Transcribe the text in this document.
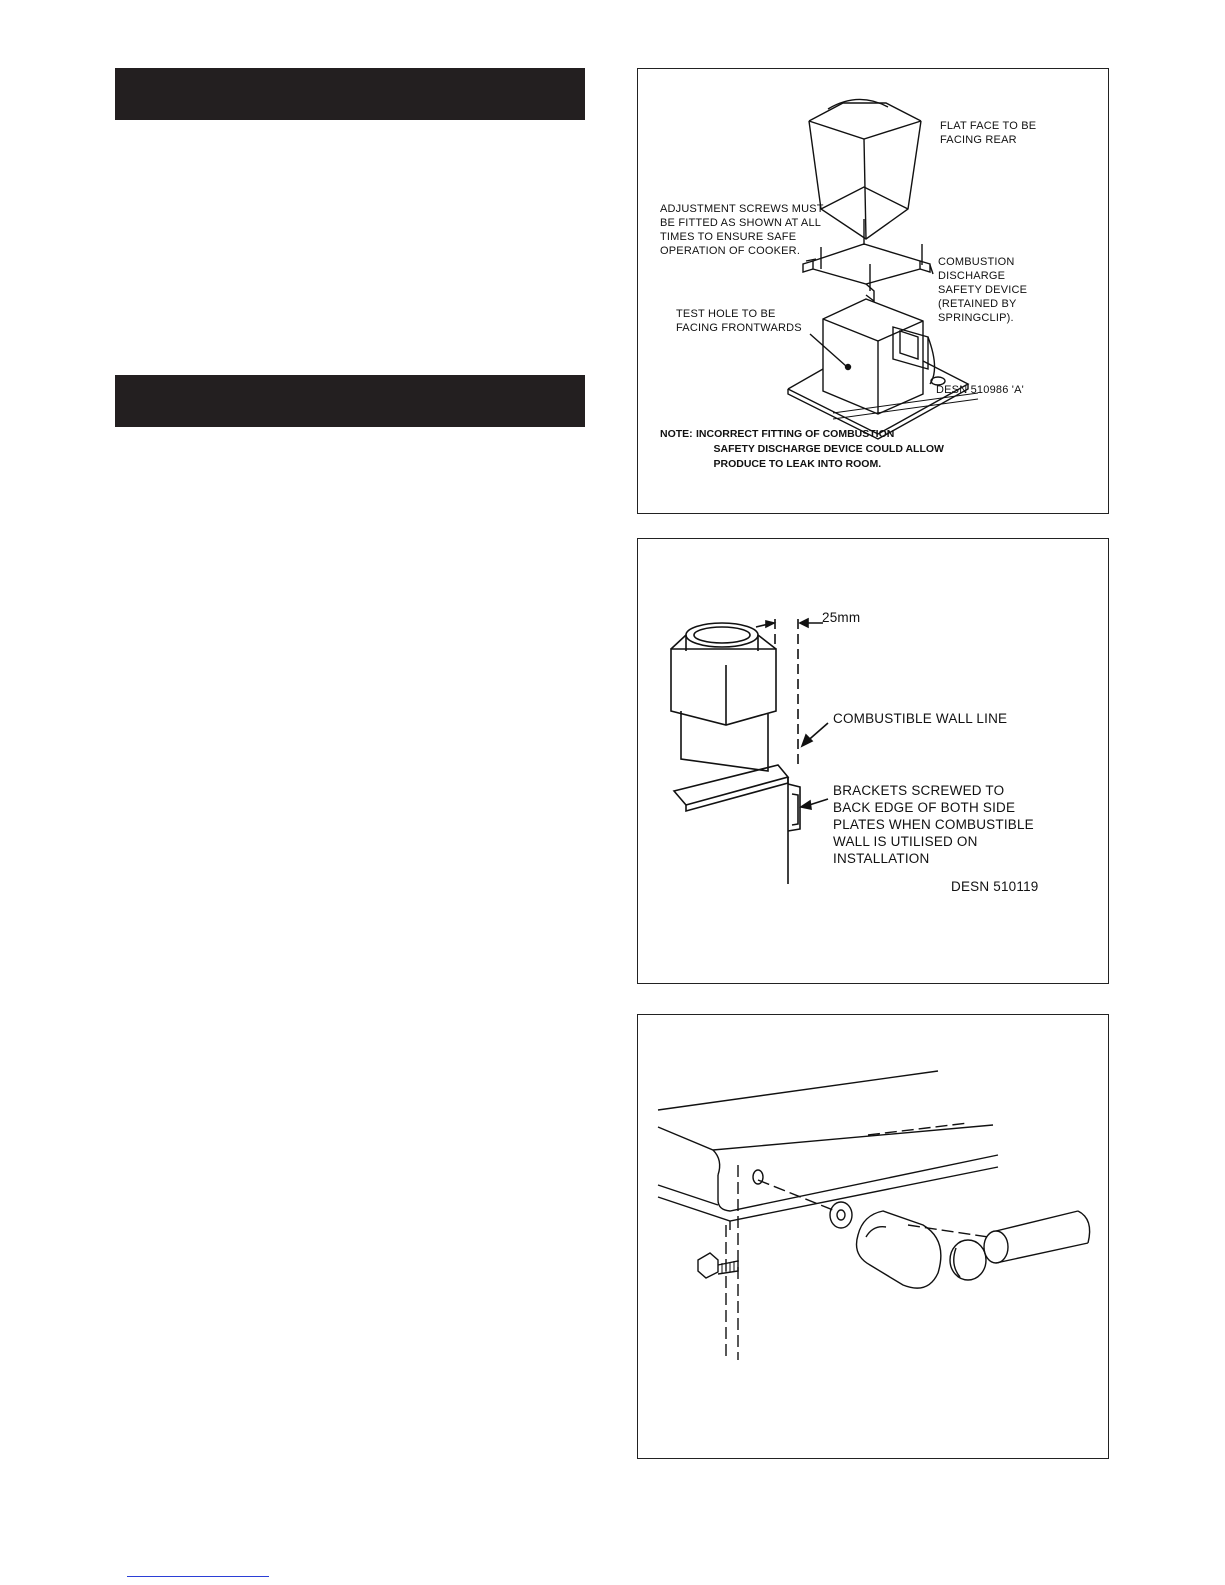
FLAT FACE TO BE
FACING REAR
ADJUSTMENT SCREWS MUST
BE FITTED AS SHOWN AT ALL
TIMES TO ENSURE SAFE
OPERATION OF COOKER.
COMBUSTION
DISCHARGE
SAFETY DEVICE
(RETAINED BY
SPRINGCLIP).
TEST HOLE TO BE
FACING FRONTWARDS
DESN 510986 'A'
NOTE: INCORRECT FITTING OF COMBUSTION
SAFETY DISCHARGE DEVICE COULD ALLOW
PRODUCE TO LEAK INTO ROOM.
25mm
COMBUSTIBLE WALL LINE
BRACKETS SCREWED TO
BACK EDGE OF BOTH SIDE
PLATES WHEN COMBUSTIBLE
WALL IS UTILISED ON
INSTALLATION
DESN 510119
